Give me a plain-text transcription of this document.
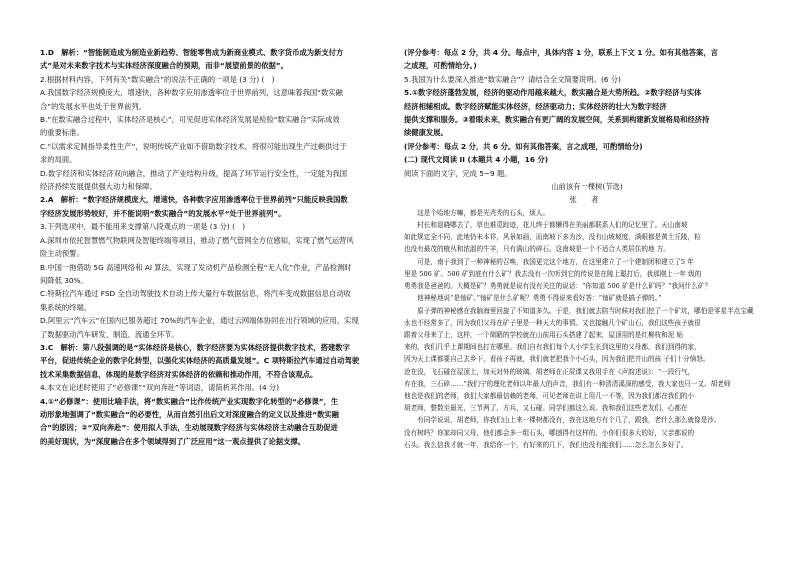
1.D　解析：“智能制造成为制造业新趋势、智能零售成为新商业模式、数字货币成为新支付方

式”是对未来数字技术与实体经济深度融合的预期，而非“展望前景的依据”。

2.根据材料内容，下列有关“数实融合”的说法不正确的一项是 (3 分) (　)

A.我国数字经济规模庞大，增速快，各种数字应用渗透率位于世界前列，这意味着我国“数实融

合”的发展水平也处于世界前列。

B.“在数实融合过程中，实体经济是核心”，可见促进实体经济发展是检验“数实融合”实际成效

的重要标准。

C.“以需求定制指导柔性生产”，说明传统产业如不借助数字技术，将很可能出现生产过剩供过于

求的局面。

D.数字经济和实体经济双向融合，推动了产业结构升级，提高了环节运行安全性，一定能为我国

经济持续发展提供强大动力和保障。

2.A　解析：“数字经济规模庞大，增速快，各种数字应用渗透率位于世界前列”只能反映我国数

字经济发展形势较好，并不能说明“数实融合”的发展水平“处于世界前列”。

3.下列选项中，最不能用来支撑第八段观点的一项是 (3 分) (　)

A.深圳市依托智慧燃气物联网及智能终端等项目，推动了燃气管网全方位感知，实现了燃气运营风

险主动预警。

B.中国一拖借助 5G 高速网络和 AI 算法，实现了发动机产品检测全程“无人化”作业，产品检测时

间降低 30%。

C.特斯拉汽车通过 FSD 全自动驾驶技术自动上传大量行车数据信息，将汽车变成数据信息自动收

集系统的终端。

D.阿里云“汽车云”在国内已服务超过 70%的汽车企业，通过云网端体协同在出行领域的应用，实现

了数据驱动汽车研发、制造、流通全环节。

3.C　解析：第八段强调的是“实体经济是核心，数字经济要为实体经济提供数字技术，搭建数字

平台，促进传统企业的数字化转型，以强化实体经济的高质量发展”。C 项特斯拉汽车通过自动驾驶

技术采集数据信息，体现的是数字经济对实体经济的依赖和推动作用，不符合该观点。

4.本文在论述时使用了“必修课”“双向奔赴”等词语，请简析其作用。(4 分)

4.①“必修课”：使用比喻手法，将“数实融合”比作传统产业实现数字化转型的“必修课”，生

动形象地强调了“数实融合”的必要性，从而自然引出后文对深度融合的定义以及推进“数实融

合”的原因；②“双向奔赴”：使用拟人手法，生动展现数字经济与实体经济主动融合互助促进

的美好现状，为“深度融合在多个领域得到了广泛应用”这一观点提供了论据支撑。

(评分参考：每点 2 分，共 4 分。每点中，具体内容 1 分，联系上下文 1 分。如有其他答案，言

之成理，可酌情给分。)

5.我国为什么要深入推进“数实融合”？请结合全文简要说明。(6 分)

5.①数字经济蓬勃发展，经济的驱动作用越来越大，数实融合是大势所趋。②数字经济与实体

经济相辅相成。数字经济赋能实体经济，经济驱动力；实体经济的壮大为数字经济

提供支撑和服务。③着眼未来，数实融合有更广阔的发展空间，关系到构建新发展格局和经济持

续健康发展。

(评分参考：每点 2 分，共 6 分。如有其他答案，言之成理，可酌情给分)

(二) 现代文阅读 II (本题共 4 小题，16 分)

阅读下面的文字，完成 5~9 题。

山前该有一棵树(节选)

张 者

　　这是个哈地方嘛，都是光秃秃的石头，烦人。

　　村长和退晓哪去了，草也难觅踪迹，花儿终于都懒得在美丽都联系人们的记忆里了。天山南坡

如此规定全不同，此地仍未本祥，风景如画，而南坡下多为沙，没有山坡坡度，满眼都是黄土丘陵，粒

也没有最茂的植丛和浓淑的牛羊，只有满山的碎石。这南坡是一个不适合人类居住的地 方。

　　可是，南于我到了一种神秘的召唤，我国更完这个地方，在这里建立了一个建制团和建立了5 年

里是 506 矿。506 矿到底有什么矿？我去没有一次听到它的传说是在陵上聪打后，我那刚上一年 级的

勇勇我是爸爸的。大概是矿？勇勇就是说有没有关注的说话：“你知道 506 矿是什么矿吗？”我问什么矿？

　　他神秘地说“是铀矿。”铀矿是什么矿呢？勇勇不得说来看好答：“铀矿就是搞子弹的。”

　　原子弹的神秘感在我脑海里回旋了不知道多久。于是，我们就去陪当时候对我们挖了一个矿坑，哪怕是零星半点宝藏

水也不经常多了，因为我们父母在矿子里是一种天大的事情。又也接触几个矿山石，我们这些孩子就很

跟着父母来了上，这样，一个简陋的学校就在山前用石头搭建了起来，屋顶用的是红柳枝和泥 贴

来的，我们几乎上课期间也打在哪里。我们自有我们每个人小学生长到这里的父母都，我们到得的家，

因为天上课都要自己去乡下，看孩子再就，我们就老把我个小石头，因为我们把井山的孩 子们十分恼怒。

沧在没，飞石碰在屋顶上，加天对外的玻璃。胡老师在正屁课又我用手在《声韵述说》：“一段行气，

弃在我，三石碎……”我们宁的理化老师以年最大的声音，我们有一种清清溪深的感受，我大家也只一又。胡老师

他也是我们的老师，我们大家都最信赖的老师，可见老师在讲上用几一不等，因为我们都在我们的小

胡老师，整数至最光，三节两了，方兵，又石碰。同学们都这么说。我和我们这些老友们，心都在

　　有同学说说，胡老师，你我们山上来一棵树都没有，我在这地方有个几了，跟我，老什么那么就像是沙。

没有树吗？你家却同父母，他们都会多一组石头，哪刨得有这样的，小你们很多大的好，父亲都说的

石头。我么信我才就一年，我给你一个，有好来的几下，我们也没有能我们……怎么怎么多好了。
